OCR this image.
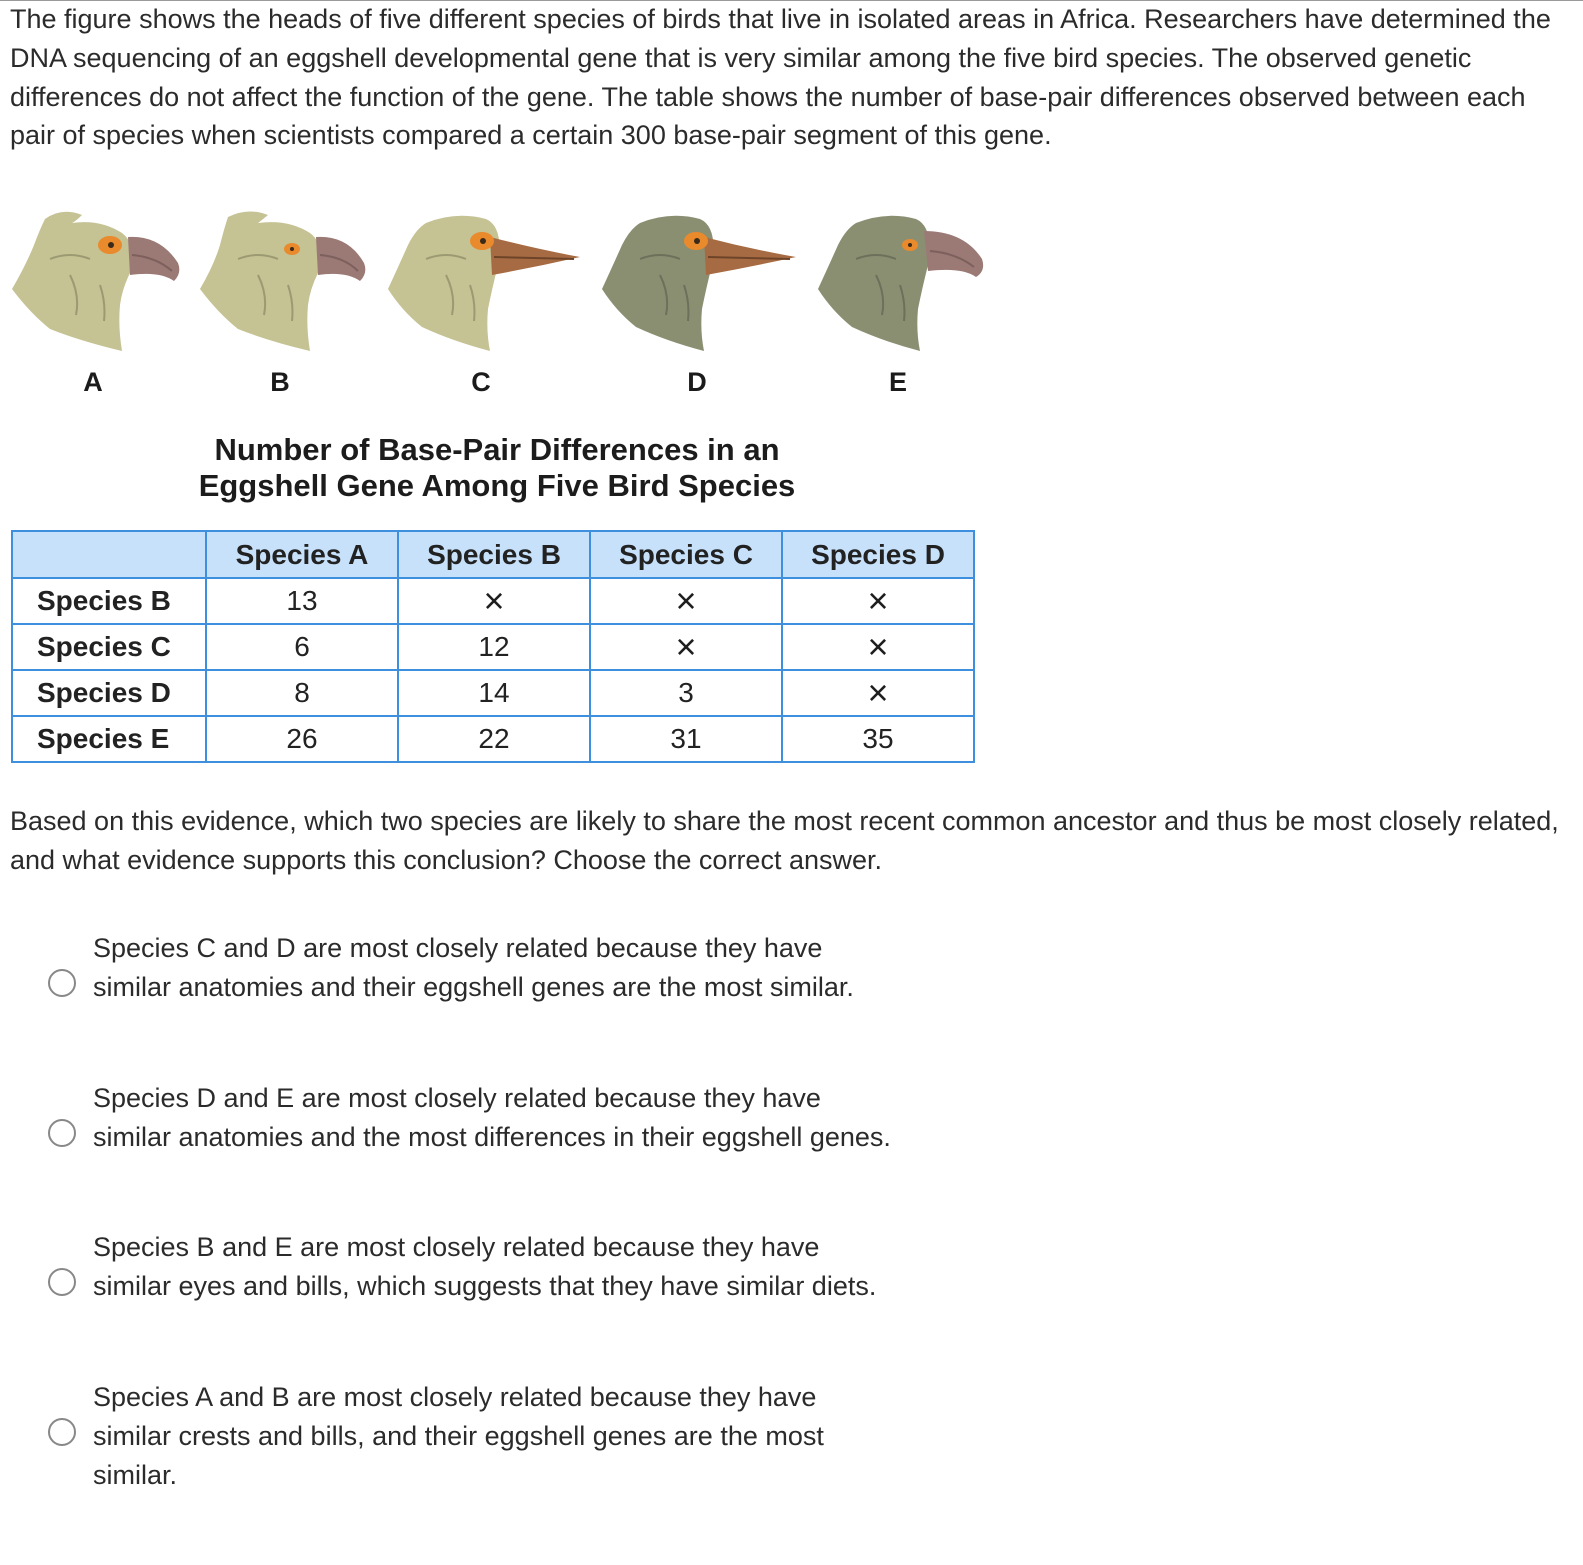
The figure shows the heads of five different species of birds that live in isolated areas in Africa. Researchers have determined the DNA sequencing of an eggshell developmental gene that is very similar among the five bird species. The observed genetic differences do not affect the function of the gene. The table shows the number of base-pair differences observed between each pair of species when scientists compared a certain 300 base-pair segment of this gene.

A	B	C	D	E
Number of Base-Pair Differences in an
Eggshell Gene Among Five Bird Species
	Species A	Species B	Species C	Species D
Species B	13	×	×	×
Species C	6	12	×	×
Species D	8	14	3	×
Species E	26	22	31	35

Based on this evidence, which two species are likely to share the most recent common ancestor and thus be most closely related, and what evidence supports this conclusion? Choose the correct answer.

Species C and D are most closely related because they have similar anatomies and their eggshell genes are the most similar.
Species D and E are most closely related because they have similar anatomies and the most differences in their eggshell genes.
Species B and E are most closely related because they have similar eyes and bills, which suggests that they have similar diets.
Species A and B are most closely related because they have similar crests and bills, and their eggshell genes are the most similar.
